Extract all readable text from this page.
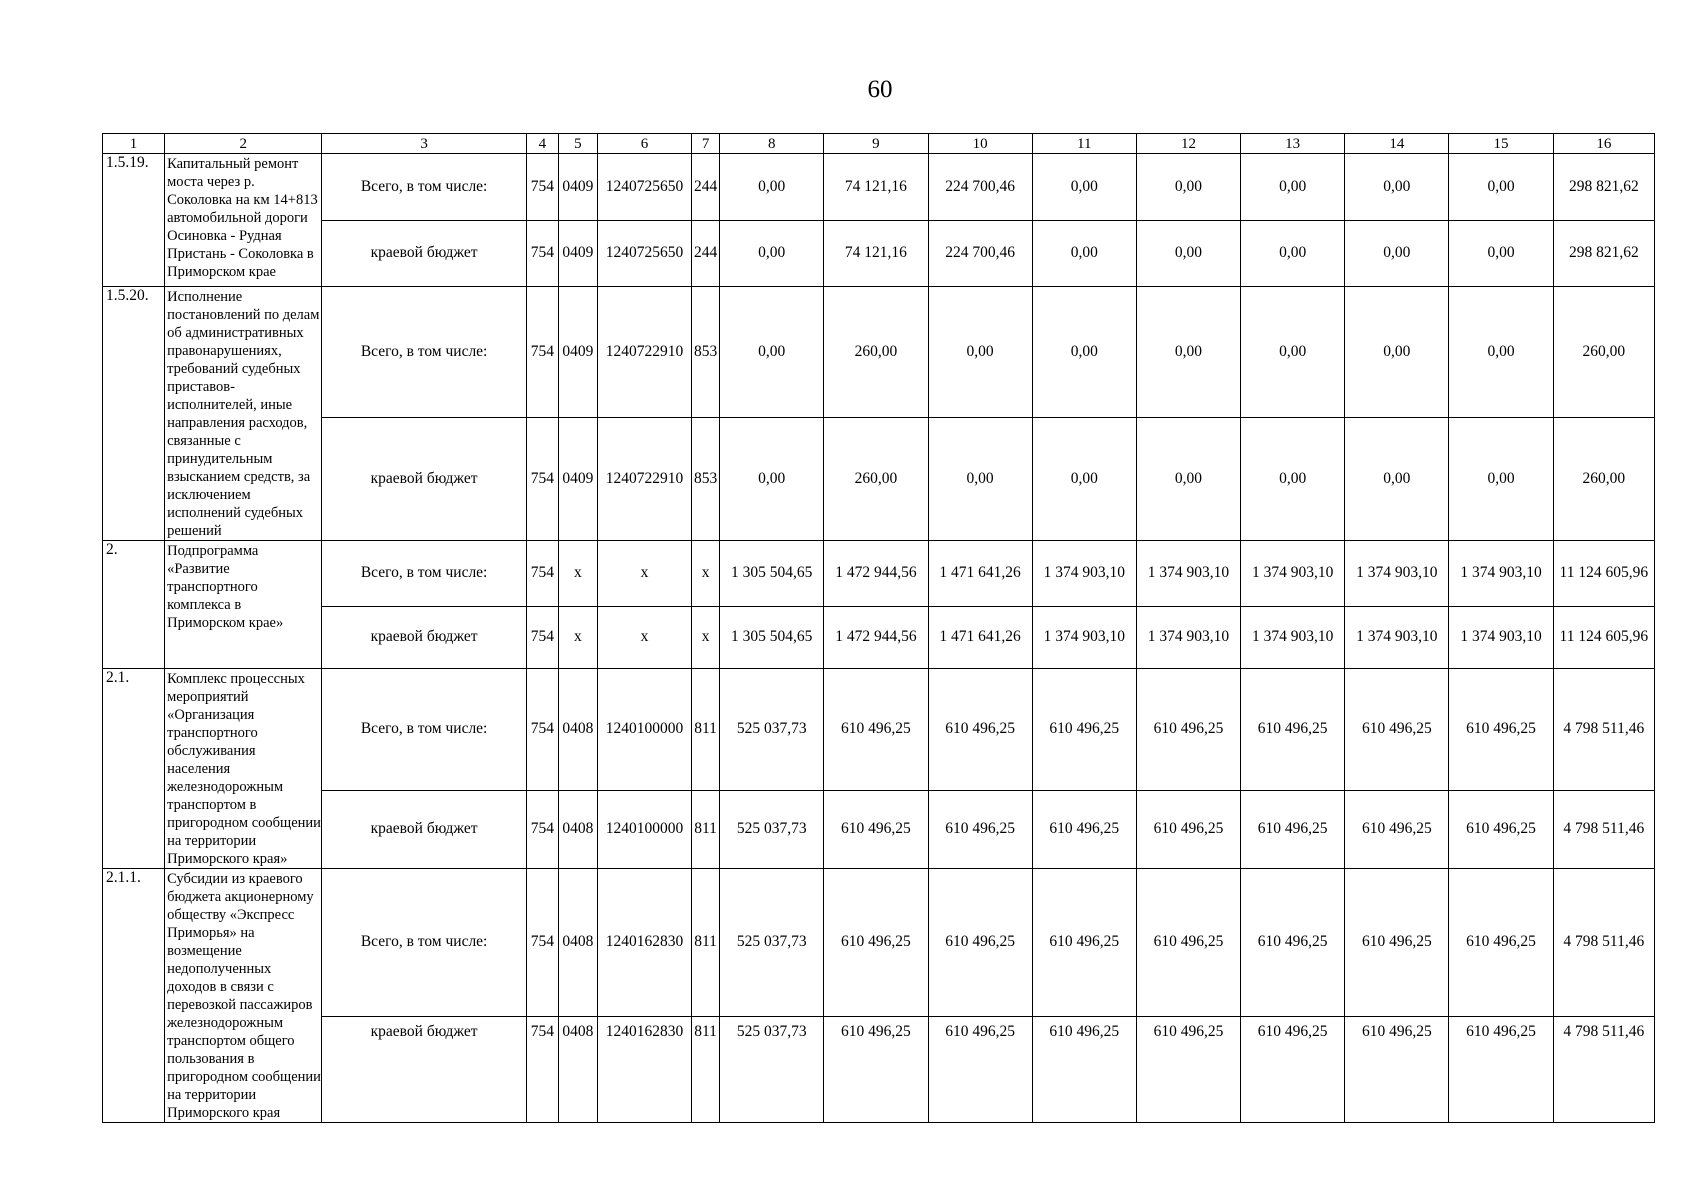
60
1	2	3	4	5	6	7	8	9	10	11	12	13	14	15	16
1.5.19.	Капитальный ремонт моста через р. Соколовка на км 14+813 автомобильной дороги Осиновка - Рудная Пристань - Соколовка в Приморском крае	Всего, в том числе:	754	0409	1240725650	244	0,00	74 121,16	224 700,46	0,00	0,00	0,00	0,00	0,00	298 821,62
		краевой бюджет	754	0409	1240725650	244	0,00	74 121,16	224 700,46	0,00	0,00	0,00	0,00	0,00	298 821,62
1.5.20.	Исполнение постановлений по делам об административных правонарушениях, требований судебных приставов-исполнителей, иные направления расходов, связанные с принудительным взысканием средств, за исключением исполнений судебных решений	Всего, в том числе:	754	0409	1240722910	853	0,00	260,00	0,00	0,00	0,00	0,00	0,00	0,00	260,00
		краевой бюджет	754	0409	1240722910	853	0,00	260,00	0,00	0,00	0,00	0,00	0,00	0,00	260,00
2.	Подпрограмма «Развитие транспортного комплекса в Приморском крае»	Всего, в том числе:	754	x	x	x	1 305 504,65	1 472 944,56	1 471 641,26	1 374 903,10	1 374 903,10	1 374 903,10	1 374 903,10	1 374 903,10	11 124 605,96
		краевой бюджет	754	x	x	x	1 305 504,65	1 472 944,56	1 471 641,26	1 374 903,10	1 374 903,10	1 374 903,10	1 374 903,10	1 374 903,10	11 124 605,96
2.1.	Комплекс процессных мероприятий «Организация транспортного обслуживания населения железнодорожным транспортом в пригородном сообщении на территории Приморского края»	Всего, в том числе:	754	0408	1240100000	811	525 037,73	610 496,25	610 496,25	610 496,25	610 496,25	610 496,25	610 496,25	610 496,25	4 798 511,46
		краевой бюджет	754	0408	1240100000	811	525 037,73	610 496,25	610 496,25	610 496,25	610 496,25	610 496,25	610 496,25	610 496,25	4 798 511,46
2.1.1.	Субсидии из краевого бюджета акционерному обществу «Экспресс Приморья» на возмещение недополученных доходов в связи с перевозкой пассажиров железнодорожным транспортом общего пользования в пригородном сообщении на территории Приморского края	Всего, в том числе:	754	0408	1240162830	811	525 037,73	610 496,25	610 496,25	610 496,25	610 496,25	610 496,25	610 496,25	610 496,25	4 798 511,46
		краевой бюджет	754	0408	1240162830	811	525 037,73	610 496,25	610 496,25	610 496,25	610 496,25	610 496,25	610 496,25	610 496,25	4 798 511,46
